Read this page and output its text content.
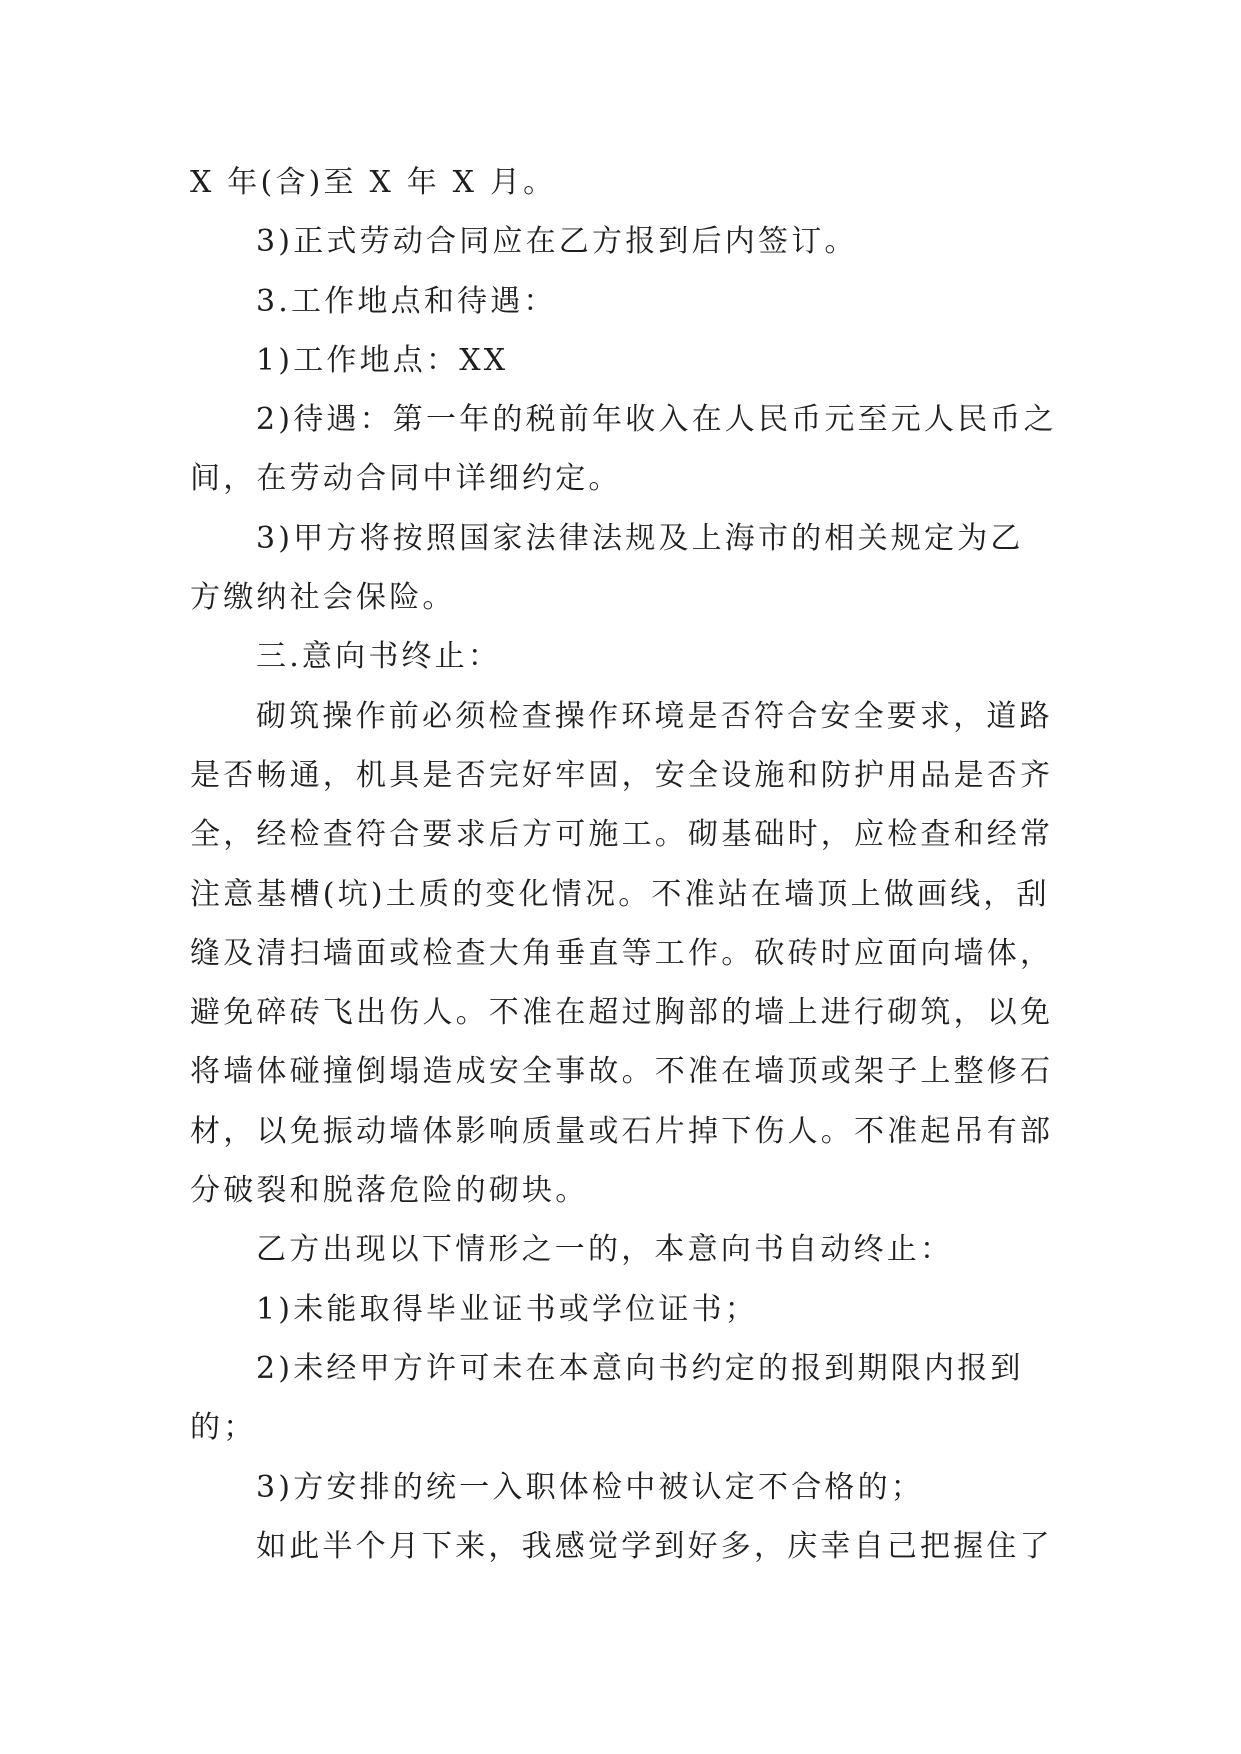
X 年(含)至 X 年 X 月。
3)正式劳动合同应在乙方报到后内签订。
3.工作地点和待遇：
1)工作地点：XX
2)待遇：第一年的税前年收入在人民币元至元人民币之
间，在劳动合同中详细约定。
3)甲方将按照国家法律法规及上海市的相关规定为乙
方缴纳社会保险。
三.意向书终止：
砌筑操作前必须检查操作环境是否符合安全要求，道路
是否畅通，机具是否完好牢固，安全设施和防护用品是否齐
全，经检查符合要求后方可施工。砌基础时，应检查和经常
注意基槽(坑)土质的变化情况。不准站在墙顶上做画线，刮
缝及清扫墙面或检查大角垂直等工作。砍砖时应面向墙体，
避免碎砖飞出伤人。不准在超过胸部的墙上进行砌筑，以免
将墙体碰撞倒塌造成安全事故。不准在墙顶或架子上整修石
材，以免振动墙体影响质量或石片掉下伤人。不准起吊有部
分破裂和脱落危险的砌块。
乙方出现以下情形之一的，本意向书自动终止：
1)未能取得毕业证书或学位证书；
2)未经甲方许可未在本意向书约定的报到期限内报到
的；
3)方安排的统一入职体检中被认定不合格的；
如此半个月下来，我感觉学到好多，庆幸自己把握住了
